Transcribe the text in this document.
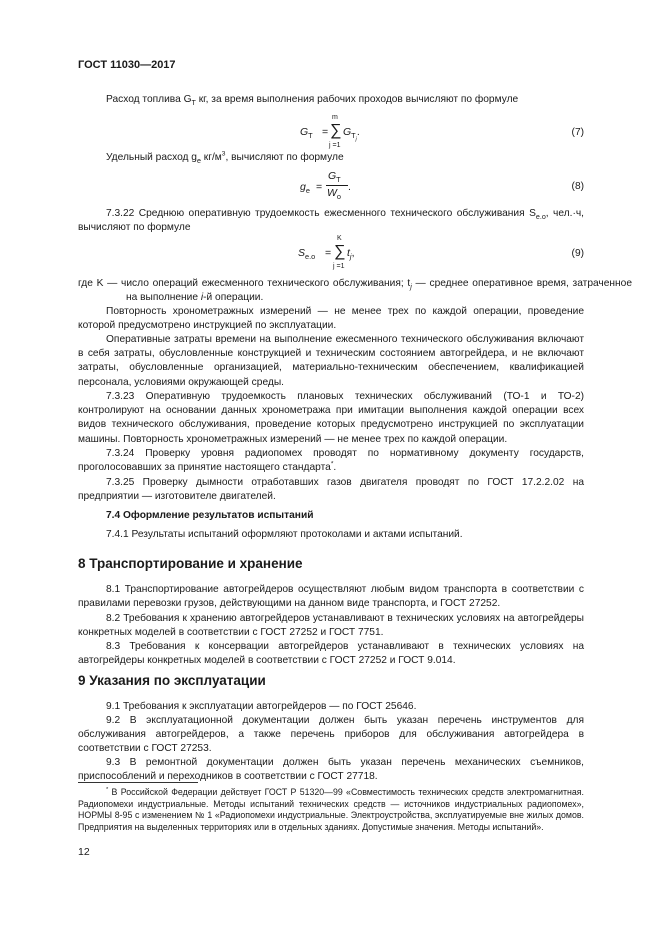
ГОСТ 11030—2017

Расход топлива $G_Т$ кг, за время выполнения рабочих проходов вычисляют по формуле

$G_Т$ =
m
∑
j =1
$G_{Т_j}$.	(7)

Удельный расход $g_e$ $кг/м^3$, вычисляют по формуле

$g_e$ =
$G_Т$
$W_o$
.	(8)

7.3.22 Среднюю оперативную трудоемкость ежесменного технического обслуживания $S_{е.о}$, чел.·ч, вычисляют по формуле

$S_{e.o}$ =
K
∑
j =1
$t_j$,	(9)

где K — число операций ежесменного технического обслуживания; $t_j$ — среднее оперативное время, затраченное на выполнение i-й операции.

Повторность хронометражных измерений — не менее трех по каждой операции, проведение которой предусмотрено инструкцией по эксплуатации.

Оперативные затраты времени на выполнение ежесменного технического обслуживания включают в себя затраты, обусловленные конструкцией и техническим состоянием автогрейдера, и не включают затраты, обусловленные организацией, материально-техническим обеспечением, квалификацией персонала, условиями окружающей среды.

7.3.23 Оперативную трудоемкость плановых технических обслуживаний (ТО-1 и ТО-2) контролируют на основании данных хронометража при имитации выполнения каждой операции всех видов технического обслуживания, проведение которых предусмотрено инструкцией по эксплуатации машины. Повторность хронометражных измерений — не менее трех по каждой операции.

7.3.24 Проверку уровня радиопомех проводят по нормативному документу государств, проголосовавших за принятие настоящего стандарта*.

7.3.25 Проверку дымности отработавших газов двигателя проводят по ГОСТ 17.2.2.02 на предприятии — изготовителе двигателей.

7.4 Оформление результатов испытаний

7.4.1 Результаты испытаний оформляют протоколами и актами испытаний.

8 Транспортирование и хранение

8.1 Транспортирование автогрейдеров осуществляют любым видом транспорта в соответствии с правилами перевозки грузов, действующими на данном виде транспорта, и ГОСТ 27252.

8.2 Требования к хранению автогрейдеров устанавливают в технических условиях на автогрейдеры конкретных моделей в соответствии с ГОСТ 27252 и ГОСТ 7751.

8.3 Требования к консервации автогрейдеров устанавливают в технических условиях на автогрейдеры конкретных моделей в соответствии с ГОСТ 27252 и ГОСТ 9.014.

9 Указания по эксплуатации

9.1 Требования к эксплуатации автогрейдеров — по ГОСТ 25646.

9.2 В эксплуатационной документации должен быть указан перечень инструментов для обслуживания автогрейдеров, а также перечень приборов для обслуживания автогрейдера в соответствии с ГОСТ 27253.

9.3 В ремонтной документации должен быть указан перечень механических съемников, приспособлений и переходников в соответствии с ГОСТ 27718.

* В Российской Федерации действует ГОСТ Р 51320—99 «Совместимость технических средств электромагнитная. Радиопомехи индустриальные. Методы испытаний технических средств — источников индустриальных радиопомех», НОРМЫ 8-95 с изменением № 1 «Радиопомехи индустриальные. Электроустройства, эксплуатируемые вне жилых домов. Предприятия на выделенных территориях или в отдельных зданиях. Допустимые значения. Методы испытаний».

12
